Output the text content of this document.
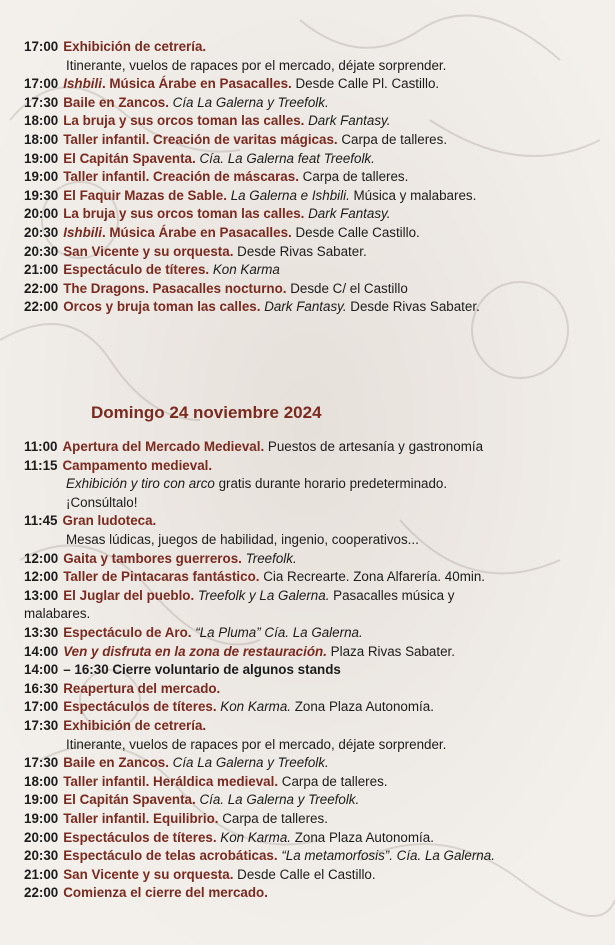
17:00 Exhibición de cetrería.
Itinerante, vuelos de rapaces por el mercado, déjate sorprender.
17:00 Ishbili. Música Árabe en Pasacalles. Desde Calle Pl. Castillo.
17:30 Baile en Zancos. Cía La Galerna y Treefolk.
18:00 La bruja y sus orcos toman las calles. Dark Fantasy.
18:00 Taller infantil. Creación de varitas mágicas. Carpa de talleres.
19:00 El Capitán Spaventa. Cía. La Galerna feat Treefolk.
19:00 Taller infantil. Creación de máscaras. Carpa de talleres.
19:30 El Faquir Mazas de Sable. La Galerna e Ishbili. Música y malabares.
20:00 La bruja y sus orcos toman las calles. Dark Fantasy.
20:30 Ishbili. Música Árabe en Pasacalles. Desde Calle Castillo.
20:30 San Vicente y su orquesta. Desde Rivas Sabater.
21:00 Espectáculo de títeres. Kon Karma
22:00 The Dragons. Pasacalles nocturno. Desde C/ el Castillo
22:00 Orcos y bruja toman las calles. Dark Fantasy. Desde Rivas Sabater.
Domingo 24 noviembre 2024
11:00 Apertura del Mercado Medieval. Puestos de artesanía y gastronomía
11:15 Campamento medieval.
Exhibición y tiro con arco gratis durante horario predeterminado.
¡Consúltalo!
11:45 Gran ludoteca.
Mesas lúdicas, juegos de habilidad, ingenio, cooperativos...
12:00 Gaita y tambores guerreros. Treefolk.
12:00 Taller de Pintacaras fantástico. Cia Recrearte. Zona Alfarería. 40min.
13:00 El Juglar del pueblo. Treefolk y La Galerna. Pasacalles música y
malabares.
13:30 Espectáculo de Aro. “La Pluma” Cía. La Galerna.
14:00 Ven y disfruta en la zona de restauración. Plaza Rivas Sabater.
14:00 – 16:30 Cierre voluntario de algunos stands
16:30 Reapertura del mercado.
17:00 Espectáculos de títeres. Kon Karma. Zona Plaza Autonomía.
17:30 Exhibición de cetrería.
Itinerante, vuelos de rapaces por el mercado, déjate sorprender.
17:30 Baile en Zancos. Cía La Galerna y Treefolk.
18:00 Taller infantil. Heráldica medieval. Carpa de talleres.
19:00 El Capitán Spaventa. Cía. La Galerna y Treefolk.
19:00 Taller infantil. Equilibrio. Carpa de talleres.
20:00 Espectáculos de títeres. Kon Karma. Zona Plaza Autonomía.
20:30 Espectáculo de telas acrobáticas. “La metamorfosis”. Cía. La Galerna.
21:00 San Vicente y su orquesta. Desde Calle el Castillo.
22:00 Comienza el cierre del mercado.
